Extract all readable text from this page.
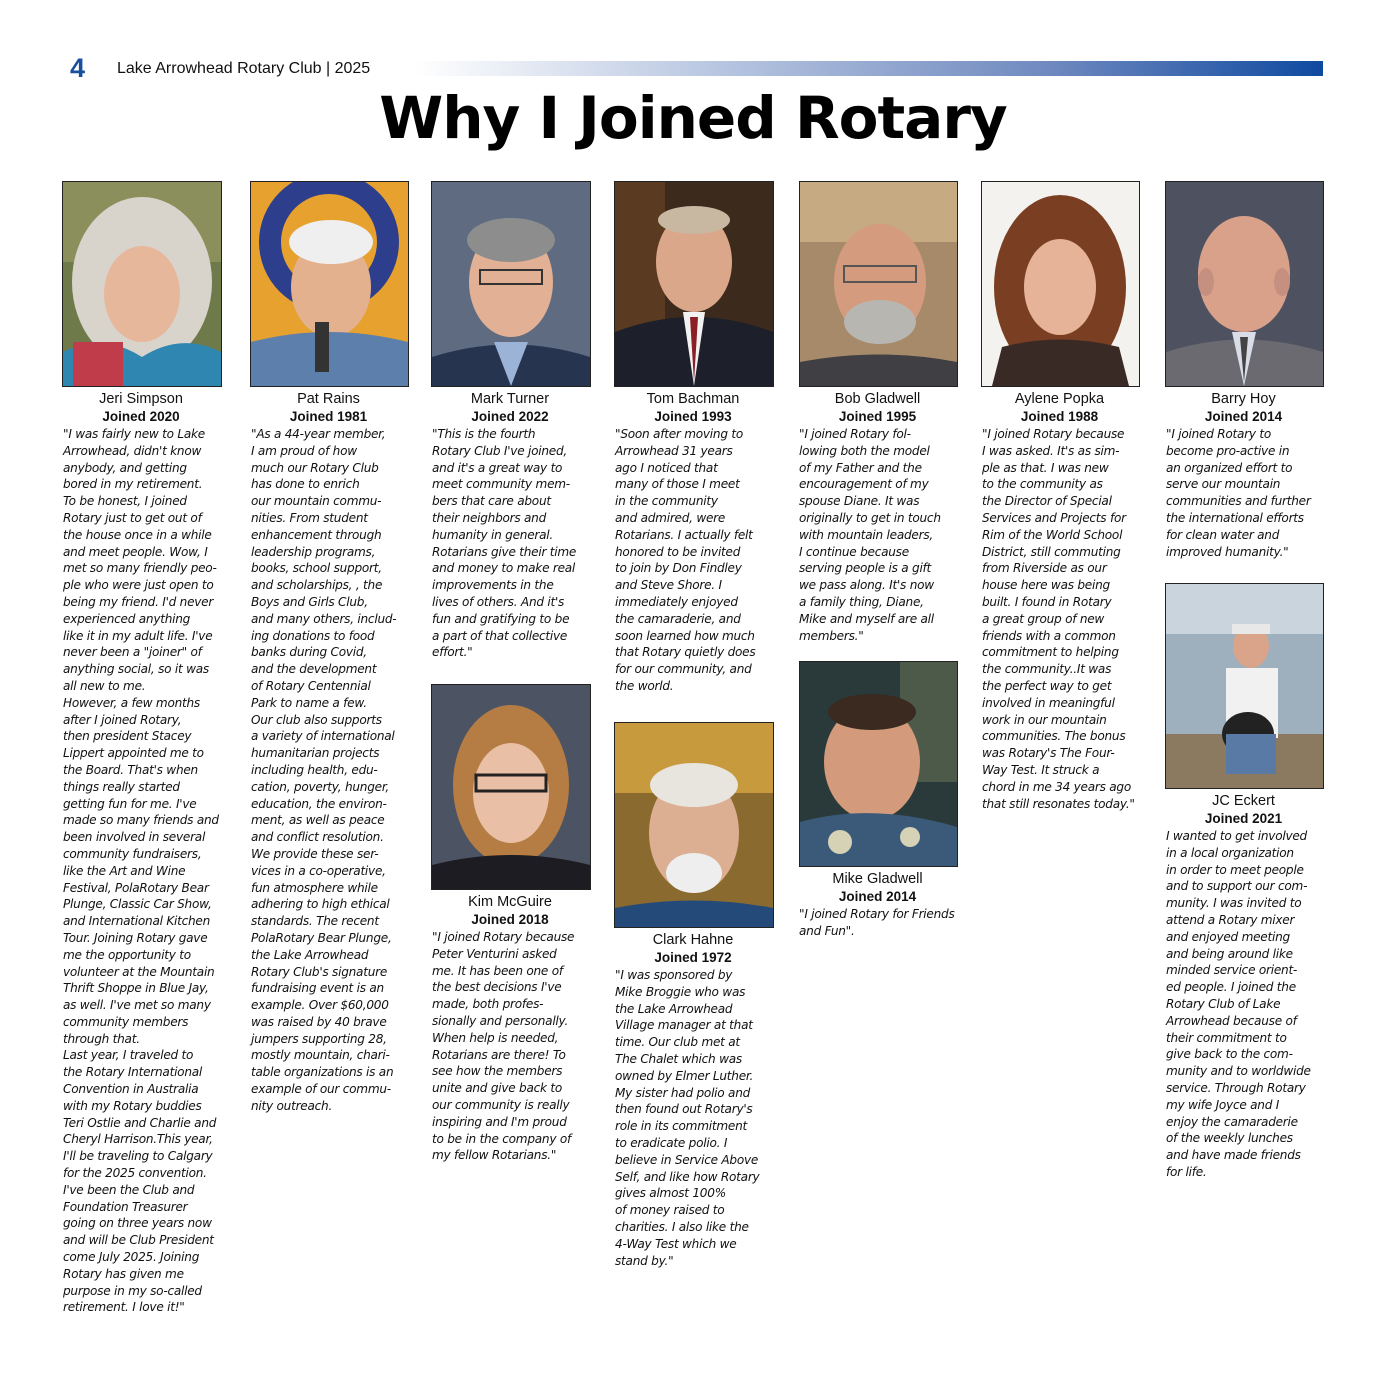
4 Lake Arrowhead Rotary Club | 2025
Why I Joined Rotary
Jeri Simpson
Joined 2020
"I was fairly new to Lake
Arrowhead, didn't know
anybody, and getting
bored in my retirement.
To be honest, I joined
Rotary just to get out of
the house once in a while
and meet people. Wow, I
met so many friendly peo-
ple who were just open to
being my friend. I'd never
experienced anything
like it in my adult life. I've
never been a "joiner" of
anything social, so it was
all new to me.
However, a few months
after I joined Rotary,
then president Stacey
Lippert appointed me to
the Board. That's when
things really started
getting fun for me. I've
made so many friends and
been involved in several
community fundraisers,
like the Art and Wine
Festival, PolaRotary Bear
Plunge, Classic Car Show,
and International Kitchen
Tour. Joining Rotary gave
me the opportunity to
volunteer at the Mountain
Thrift Shoppe in Blue Jay,
as well. I've met so many
community members
through that.
Last year, I traveled to
the Rotary International
Convention in Australia
with my Rotary buddies
Teri Ostlie and Charlie and
Cheryl Harrison.This year,
I'll be traveling to Calgary
for the 2025 convention.
I've been the Club and
Foundation Treasurer
going on three years now
and will be Club President
come July 2025. Joining
Rotary has given me
purpose in my so-called
retirement. I love it!"
Pat Rains
Joined 1981
"As a 44-year member,
I am proud of how
much our Rotary Club
has done to enrich
our mountain commu-
nities. From student
enhancement through
leadership programs,
books, school support,
and scholarships, , the
Boys and Girls Club,
and many others, includ-
ing donations to food
banks during Covid,
and the development
of Rotary Centennial
Park to name a few.
Our club also supports
a variety of international
humanitarian projects
including health, edu-
cation, poverty, hunger,
education, the environ-
ment, as well as peace
and conflict resolution.
We provide these ser-
vices in a co-operative,
fun atmosphere while
adhering to high ethical
standards. The recent
PolaRotary Bear Plunge,
the Lake Arrowhead
Rotary Club's signature
fundraising event is an
example. Over $60,000
was raised by 40 brave
jumpers supporting 28,
mostly mountain, chari-
table organizations is an
example of our commu-
nity outreach.
Mark Turner
Joined 2022
"This is the fourth
Rotary Club I've joined,
and it's a great way to
meet community mem-
bers that care about
their neighbors and
humanity in general.
Rotarians give their time
and money to make real
improvements in the
lives of others. And it's
fun and gratifying to be
a part of that collective
effort."
Kim McGuire
Joined 2018
"I joined Rotary because
Peter Venturini asked
me. It has been one of
the best decisions I've
made, both profes-
sionally and personally.
When help is needed,
Rotarians are there! To
see how the members
unite and give back to
our community is really
inspiring and I'm proud
to be in the company of
my fellow Rotarians."
Tom Bachman
Joined 1993
"Soon after moving to
Arrowhead 31 years
ago I noticed that
many of those I meet
in the community
and admired, were
Rotarians. I actually felt
honored to be invited
to join by Don Findley
and Steve Shore. I
immediately enjoyed
the camaraderie, and
soon learned how much
that Rotary quietly does
for our community, and
the world.
Clark Hahne
Joined 1972
"I was sponsored by
Mike Broggie who was
the Lake Arrowhead
Village manager at that
time. Our club met at
The Chalet which was
owned by Elmer Luther.
My sister had polio and
then found out Rotary's
role in its commitment
to eradicate polio. I
believe in Service Above
Self, and like how Rotary
gives almost 100%
of money raised to
charities. I also like the
4-Way Test which we
stand by."
Bob Gladwell
Joined 1995
"I joined Rotary fol-
lowing both the model
of my Father and the
encouragement of my
spouse Diane. It was
originally to get in touch
with mountain leaders,
I continue because
serving people is a gift
we pass along. It's now
a family thing, Diane,
Mike and myself are all
members."
Mike Gladwell
Joined 2014
"I joined Rotary for Friends
and Fun".
Aylene Popka
Joined 1988
"I joined Rotary because
I was asked. It's as sim-
ple as that. I was new
to the community as
the Director of Special
Services and Projects for
Rim of the World School
District, still commuting
from Riverside as our
house here was being
built. I found in Rotary
a great group of new
friends with a common
commitment to helping
the community..It was
the perfect way to get
involved in meaningful
work in our mountain
communities. The bonus
was Rotary's The Four-
Way Test. It struck a
chord in me 34 years ago
that still resonates today."
Barry Hoy
Joined 2014
"I joined Rotary to
become pro-active in
an organized effort to
serve our mountain
communities and further
the international efforts
for clean water and
improved humanity."
JC Eckert
Joined 2021
I wanted to get involved
in a local organization
in order to meet people
and to support our com-
munity. I was invited to
attend a Rotary mixer
and enjoyed meeting
and being around like
minded service orient-
ed people. I joined the
Rotary Club of Lake
Arrowhead because of
their commitment to
give back to the com-
munity and to worldwide
service. Through Rotary
my wife Joyce and I
enjoy the camaraderie
of the weekly lunches
and have made friends
for life.
